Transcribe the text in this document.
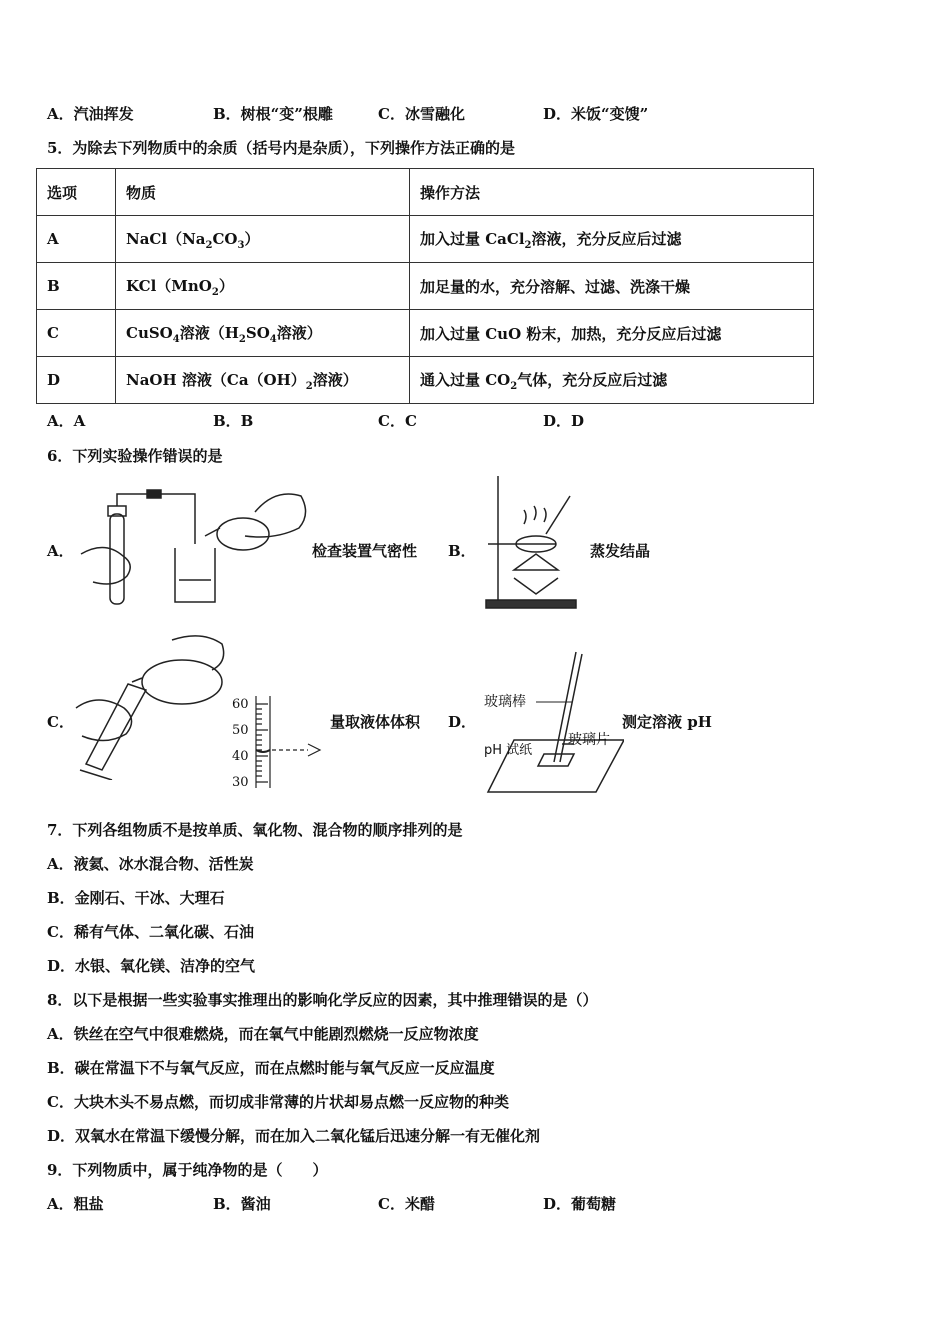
A．汽油挥发	B．树根“变”根雕	C．冰雪融化	D．米饭“变馊”
5．为除去下列物质中的余质（括号内是杂质），下列操作方法正确的是
选项	物质	操作方法
A	$NaCl(Na_2CO_3)$	加入过量 CaCl$_2$溶液，充分反应后过滤
B	KCl（MnO$_2$）	加足量的水，充分溶解、过滤、洗涤干燥
C	CuSO$_4$溶液（$H_2SO_4$溶液）	加入过量 CuO 粉末，加热，充分反应后过滤
D	NaOH 溶液（$Ca(OH)_2$溶液）	通入过量 $CO_2$气体，充分反应后过滤
A．A	B．B	C．C	D．D
6．下列实验操作错误的是
A．	检查装置气密性 B．	蒸发结晶
C．
60
50
40
30
量取液体体积 D．
玻璃棒
pH 试纸
玻璃片
测定溶液 pH
7．下列各组物质不是按单质、氧化物、混合物的顺序排列的是
A．液氦、冰水混合物、活性炭
B．金刚石、干冰、大理石
C．稀有气体、二氧化碳、石油
D．水银、氧化镁、洁净的空气
8．以下是根据一些实验事实推理出的影响化学反应的因素，其中推理错误的是（）
A．铁丝在空气中很难燃烧，而在氧气中能剧烈燃烧一反应物浓度
B．碳在常温下不与氧气反应，而在点燃时能与氧气反应一反应温度
C．大块木头不易点燃，而切成非常薄的片状却易点燃一反应物的种类
D．双氧水在常温下缓慢分解，而在加入二氧化锰后迅速分解一有无催化剂
9．下列物质中，属于纯净物的是（　　）
A．粗盐	B．酱油	C．米醋	D．葡萄糖
